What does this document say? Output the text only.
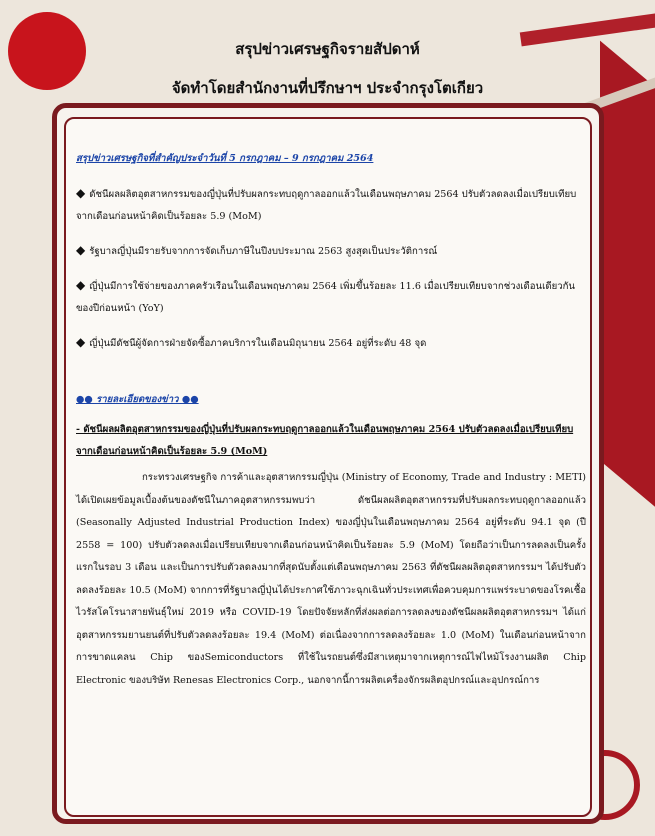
สรุปข่าวเศรษฐกิจรายสัปดาห์
จัดทำโดยสำนักงานที่ปรึกษาฯ ประจำกรุงโตเกียว
สรุปข่าวเศรษฐกิจที่สำคัญประจำวันที่ 5 กรกฎาคม – 9 กรกฎาคม 2564
◆ ดัชนีผลผลิตอุตสาหกรรมของญี่ปุ่นที่ปรับผลกระทบฤดูกาลออกแล้วในเดือนพฤษภาคม 2564 ปรับตัวลดลงเมื่อเปรียบเทียบจากเดือนก่อนหน้าคิดเป็นร้อยละ 5.9 (MoM)
◆ รัฐบาลญี่ปุ่นมีรายรับจากการจัดเก็บภาษีในปีงบประมาณ 2563 สูงสุดเป็นประวัติการณ์
◆ ญี่ปุ่นมีการใช้จ่ายของภาคครัวเรือนในเดือนพฤษภาคม 2564 เพิ่มขึ้นร้อยละ 11.6 เมื่อเปรียบเทียบจากช่วงเดือนเดียวกันของปีก่อนหน้า (YoY)
◆ ญี่ปุ่นมีดัชนีผู้จัดการฝ่ายจัดซื้อภาคบริการในเดือนมิถุนายน 2564 อยู่ที่ระดับ 48 จุด
●● รายละเอียดของข่าว ●●
- ดัชนีผลผลิตอุตสาหกรรมของญี่ปุ่นที่ปรับผลกระทบฤดูกาลออกแล้วในเดือนพฤษภาคม 2564 ปรับตัวลดลงเมื่อเปรียบเทียบจากเดือนก่อนหน้าคิดเป็นร้อยละ 5.9 (MoM)
กระทรวงเศรษฐกิจ การค้าและอุตสาหกรรมญี่ปุ่น (Ministry of Economy, Trade and Industry : METI) ได้เปิดเผยข้อมูลเบื้องต้นของดัชนีในภาคอุตสาหกรรมพบว่า ดัชนีผลผลิตอุตสาหกรรมที่ปรับผลกระทบฤดูกาลออกแล้ว (Seasonally Adjusted Industrial Production Index) ของญี่ปุ่นในเดือนพฤษภาคม 2564 อยู่ที่ระดับ 94.1 จุด (ปี 2558 = 100) ปรับตัวลดลงเมื่อเปรียบเทียบจากเดือนก่อนหน้าคิดเป็นร้อยละ 5.9 (MoM) โดยถือว่าเป็นการลดลงเป็นครั้งแรกในรอบ 3 เดือน และเป็นการปรับตัวลดลงมากที่สุดนับตั้งแต่เดือนพฤษภาคม 2563 ที่ดัชนีผลผลิตอุตสาหกรรมฯ ได้ปรับตัวลดลงร้อยละ 10.5 (MoM) จากการที่รัฐบาลญี่ปุ่นได้ประกาศใช้ภาวะฉุกเฉินทั่วประเทศเพื่อควบคุมการแพร่ระบาดของโรคเชื้อไวรัสโคโรนาสายพันธุ์ใหม่ 2019 หรือ COVID-19 โดยปัจจัยหลักที่ส่งผลต่อการลดลงของดัชนีผลผลิตอุตสาหกรรมฯ ได้แก่ อุตสาหกรรมยานยนต์ที่ปรับตัวลดลงร้อยละ 19.4 (MoM) ต่อเนื่องจากการลดลงร้อยละ 1.0 (MoM) ในเดือนก่อนหน้าจากการขาดแคลน Chip ของSemiconductors ที่ใช้ในรถยนต์ซึ่งมีสาเหตุมาจากเหตุการณ์ไฟไหม้โรงงานผลิต Chip Electronic ของบริษัท Renesas Electronics Corp., นอกจากนี้การผลิตเครื่องจักรผลิตอุปกรณ์และอุปกรณ์การ
